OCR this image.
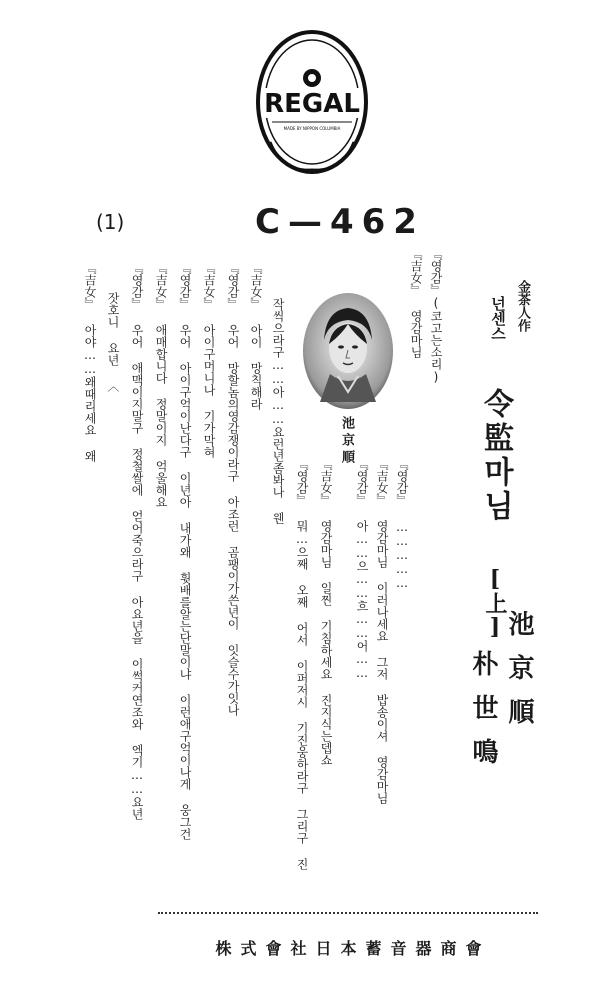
REGAL
MADE BY NIPPON COLUMBIA
C—462
(1)
金茶人作
넌센스
令監마님
[上]
池京順
朴世鳴
『영감』(코고는소리)
『吉女』 영감마님
池京順
『영감』 ……………
『吉女』 영감마님 이러나세요 그저 밥송이셔 영감마님
『영감』 아……으……흐……어……
『吉女』 영감마님 일찐 기침하세요 진지식는뎁쇼
『영감』 뭐…으째 오째 어서 이퍼저시 기진웅하라구 그리구 진
작씩으라구……아……요런년좀봐나 웬
『吉女』 아이 망칙해라
『영감』 우어 망할놈의영감쟁이라구 아조런 곰팽이가쓴년이 잇슬수가잇나
『吉女』 아이구머니나 기가막혀
『영감』 우어 아이구억이난다구 이년아 내가왜 휫배를알는단말이냐 이런애구억이나게 웅그건
『吉女』 애매합니다 정말이지 억울해요
『영감』 우어 애맥이지말구 정철쌀에 얻어죽으라구 아요년을 이썩커연조와 엑기……요년
잣호니 요년 〈
『吉女』 아야……왜때리세요 왜
株式會社日本蓄音器商會
